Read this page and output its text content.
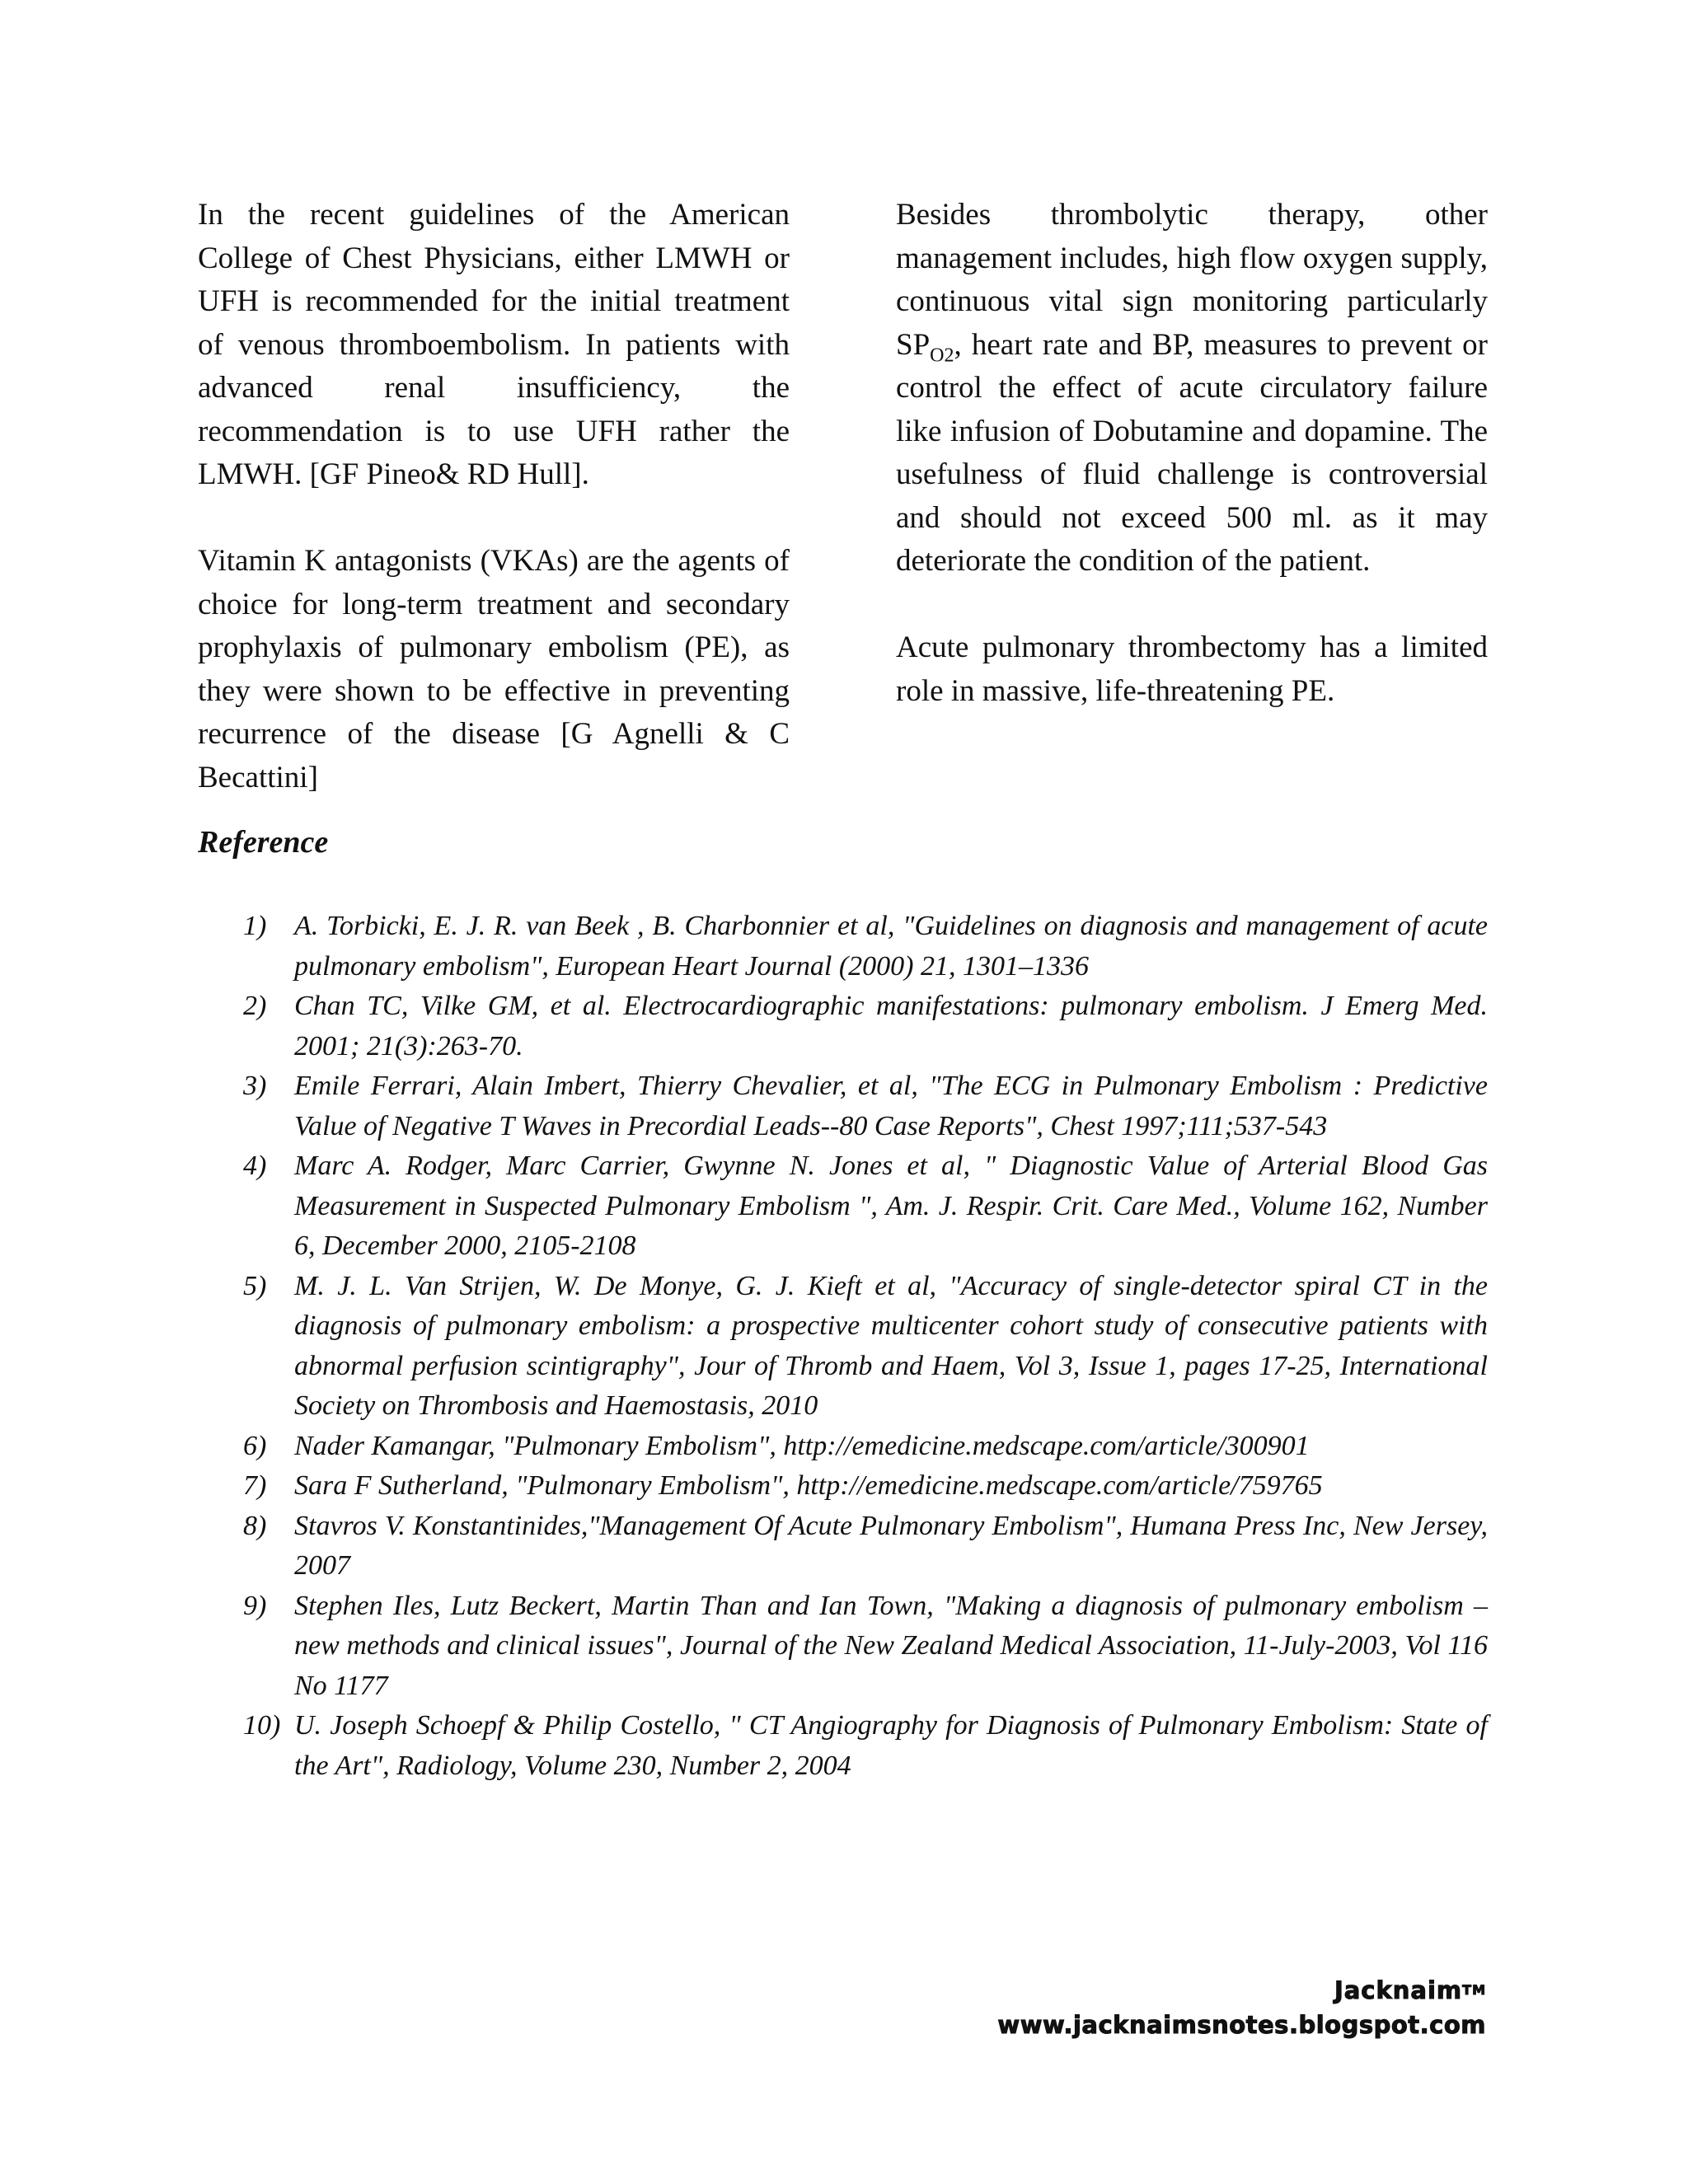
In the recent guidelines of the American College of Chest Physicians, either LMWH or UFH is recommended for the initial treatment of venous thromboembolism. In patients with advanced renal insufficiency, the recommendation is to use UFH rather the LMWH. [GF Pineo& RD Hull].

Vitamin K antagonists (VKAs) are the agents of choice for long-term treatment and secondary prophylaxis of pulmonary embolism (PE), as they were shown to be effective in preventing recurrence of the disease [G Agnelli & C Becattini]

Besides thrombolytic therapy, other management includes, high flow oxygen supply, continuous vital sign monitoring particularly $SP_{O2}$, heart rate and BP, measures to prevent or control the effect of acute circulatory failure like infusion of Dobutamine and dopamine. The usefulness of fluid challenge is controversial and should not exceed 500 ml. as it may deteriorate the condition of the patient.

Acute pulmonary thrombectomy has a limited role in massive, life-threatening PE.

Reference
1) A. Torbicki, E. J. R. van Beek , B. Charbonnier et al, "Guidelines on diagnosis and management of acute pulmonary embolism", European Heart Journal (2000) 21, 1301–1336
2) Chan TC, Vilke GM, et al. Electrocardiographic manifestations: pulmonary embolism. J Emerg Med. 2001; 21(3):263-70.
3) Emile Ferrari, Alain Imbert, Thierry Chevalier, et al, "The ECG in Pulmonary Embolism : Predictive Value of Negative T Waves in Precordial Leads--80 Case Reports", Chest 1997;111;537-543
4) Marc A. Rodger, Marc Carrier, Gwynne N. Jones et al, " Diagnostic Value of Arterial Blood Gas Measurement in Suspected Pulmonary Embolism ", Am. J. Respir. Crit. Care Med., Volume 162, Number 6, December 2000, 2105-2108
5) M. J. L. Van Strijen, W. De Monye, G. J. Kieft et al, "Accuracy of single-detector spiral CT in the diagnosis of pulmonary embolism: a prospective multicenter cohort study of consecutive patients with abnormal perfusion scintigraphy", Jour of Thromb and Haem, Vol 3, Issue 1, pages 17-25, International Society on Thrombosis and Haemostasis, 2010
6) Nader Kamangar, "Pulmonary Embolism", http://emedicine.medscape.com/article/300901
7) Sara F Sutherland, "Pulmonary Embolism", http://emedicine.medscape.com/article/759765
8) Stavros V. Konstantinides,"Management Of Acute Pulmonary Embolism", Humana Press Inc, New Jersey, 2007
9) Stephen Iles, Lutz Beckert, Martin Than and Ian Town, "Making a diagnosis of pulmonary embolism – new methods and clinical issues", Journal of the New Zealand Medical Association, 11-July-2003, Vol 116 No 1177
10) U. Joseph Schoepf & Philip Costello, " CT Angiography for Diagnosis of Pulmonary Embolism: State of the Art", Radiology, Volume 230, Number 2, 2004
Jacknaim™
www.jacknaimsnotes.blogspot.com
